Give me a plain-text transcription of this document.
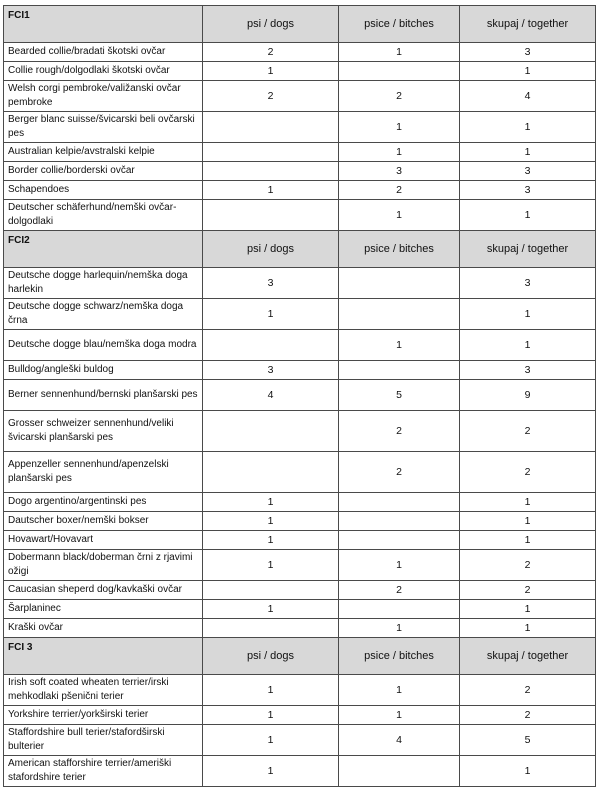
FCI1	psi / dogs	psice / bitches	skupaj / together
Bearded collie/bradati škotski ovčar	2	1	3
Collie rough/dolgodlaki škotski ovčar	1		1
Welsh corgi pembroke/valižanski ovčar pembroke	2	2	4
Berger blanc suisse/švicarski beli ovčarski pes		1	1
Australian kelpie/avstralski kelpie		1	1
Border collie/borderski ovčar		3	3
Schapendoes	1	2	3
Deutscher schäferhund/nemški ovčar-dolgodlaki		1	1
FCI2	psi / dogs	psice / bitches	skupaj / together
Deutsche dogge harlequin/nemška doga harlekin	3		3
Deutsche dogge schwarz/nemška doga črna	1		1
Deutsche dogge blau/nemška doga modra		1	1
Bulldog/angleški buldog	3		3
Berner sennenhund/bernski planšarski pes	4	5	9
Grosser schweizer sennenhund/veliki švicarski planšarski pes		2	2
Appenzeller sennenhund/apenzelski planšarski pes		2	2
Dogo argentino/argentinski pes	1		1
Dautscher boxer/nemški bokser	1		1
Hovawart/Hovavart	1		1
Dobermann black/doberman črni z rjavimi ožigi	1	1	2
Caucasian sheperd dog/kavkaški ovčar		2	2
Šarplaninec	1		1
Kraški ovčar		1	1
FCI 3	psi / dogs	psice / bitches	skupaj / together
Irish soft coated wheaten terrier/irski mehkodlaki pšenični terier	1	1	2
Yorkshire terrier/yorkširski terier	1	1	2
Staffordshire bull terier/stafordširski bulterier	1	4	5
American stafforshire terrier/ameriški stafordshire terier	1		1
